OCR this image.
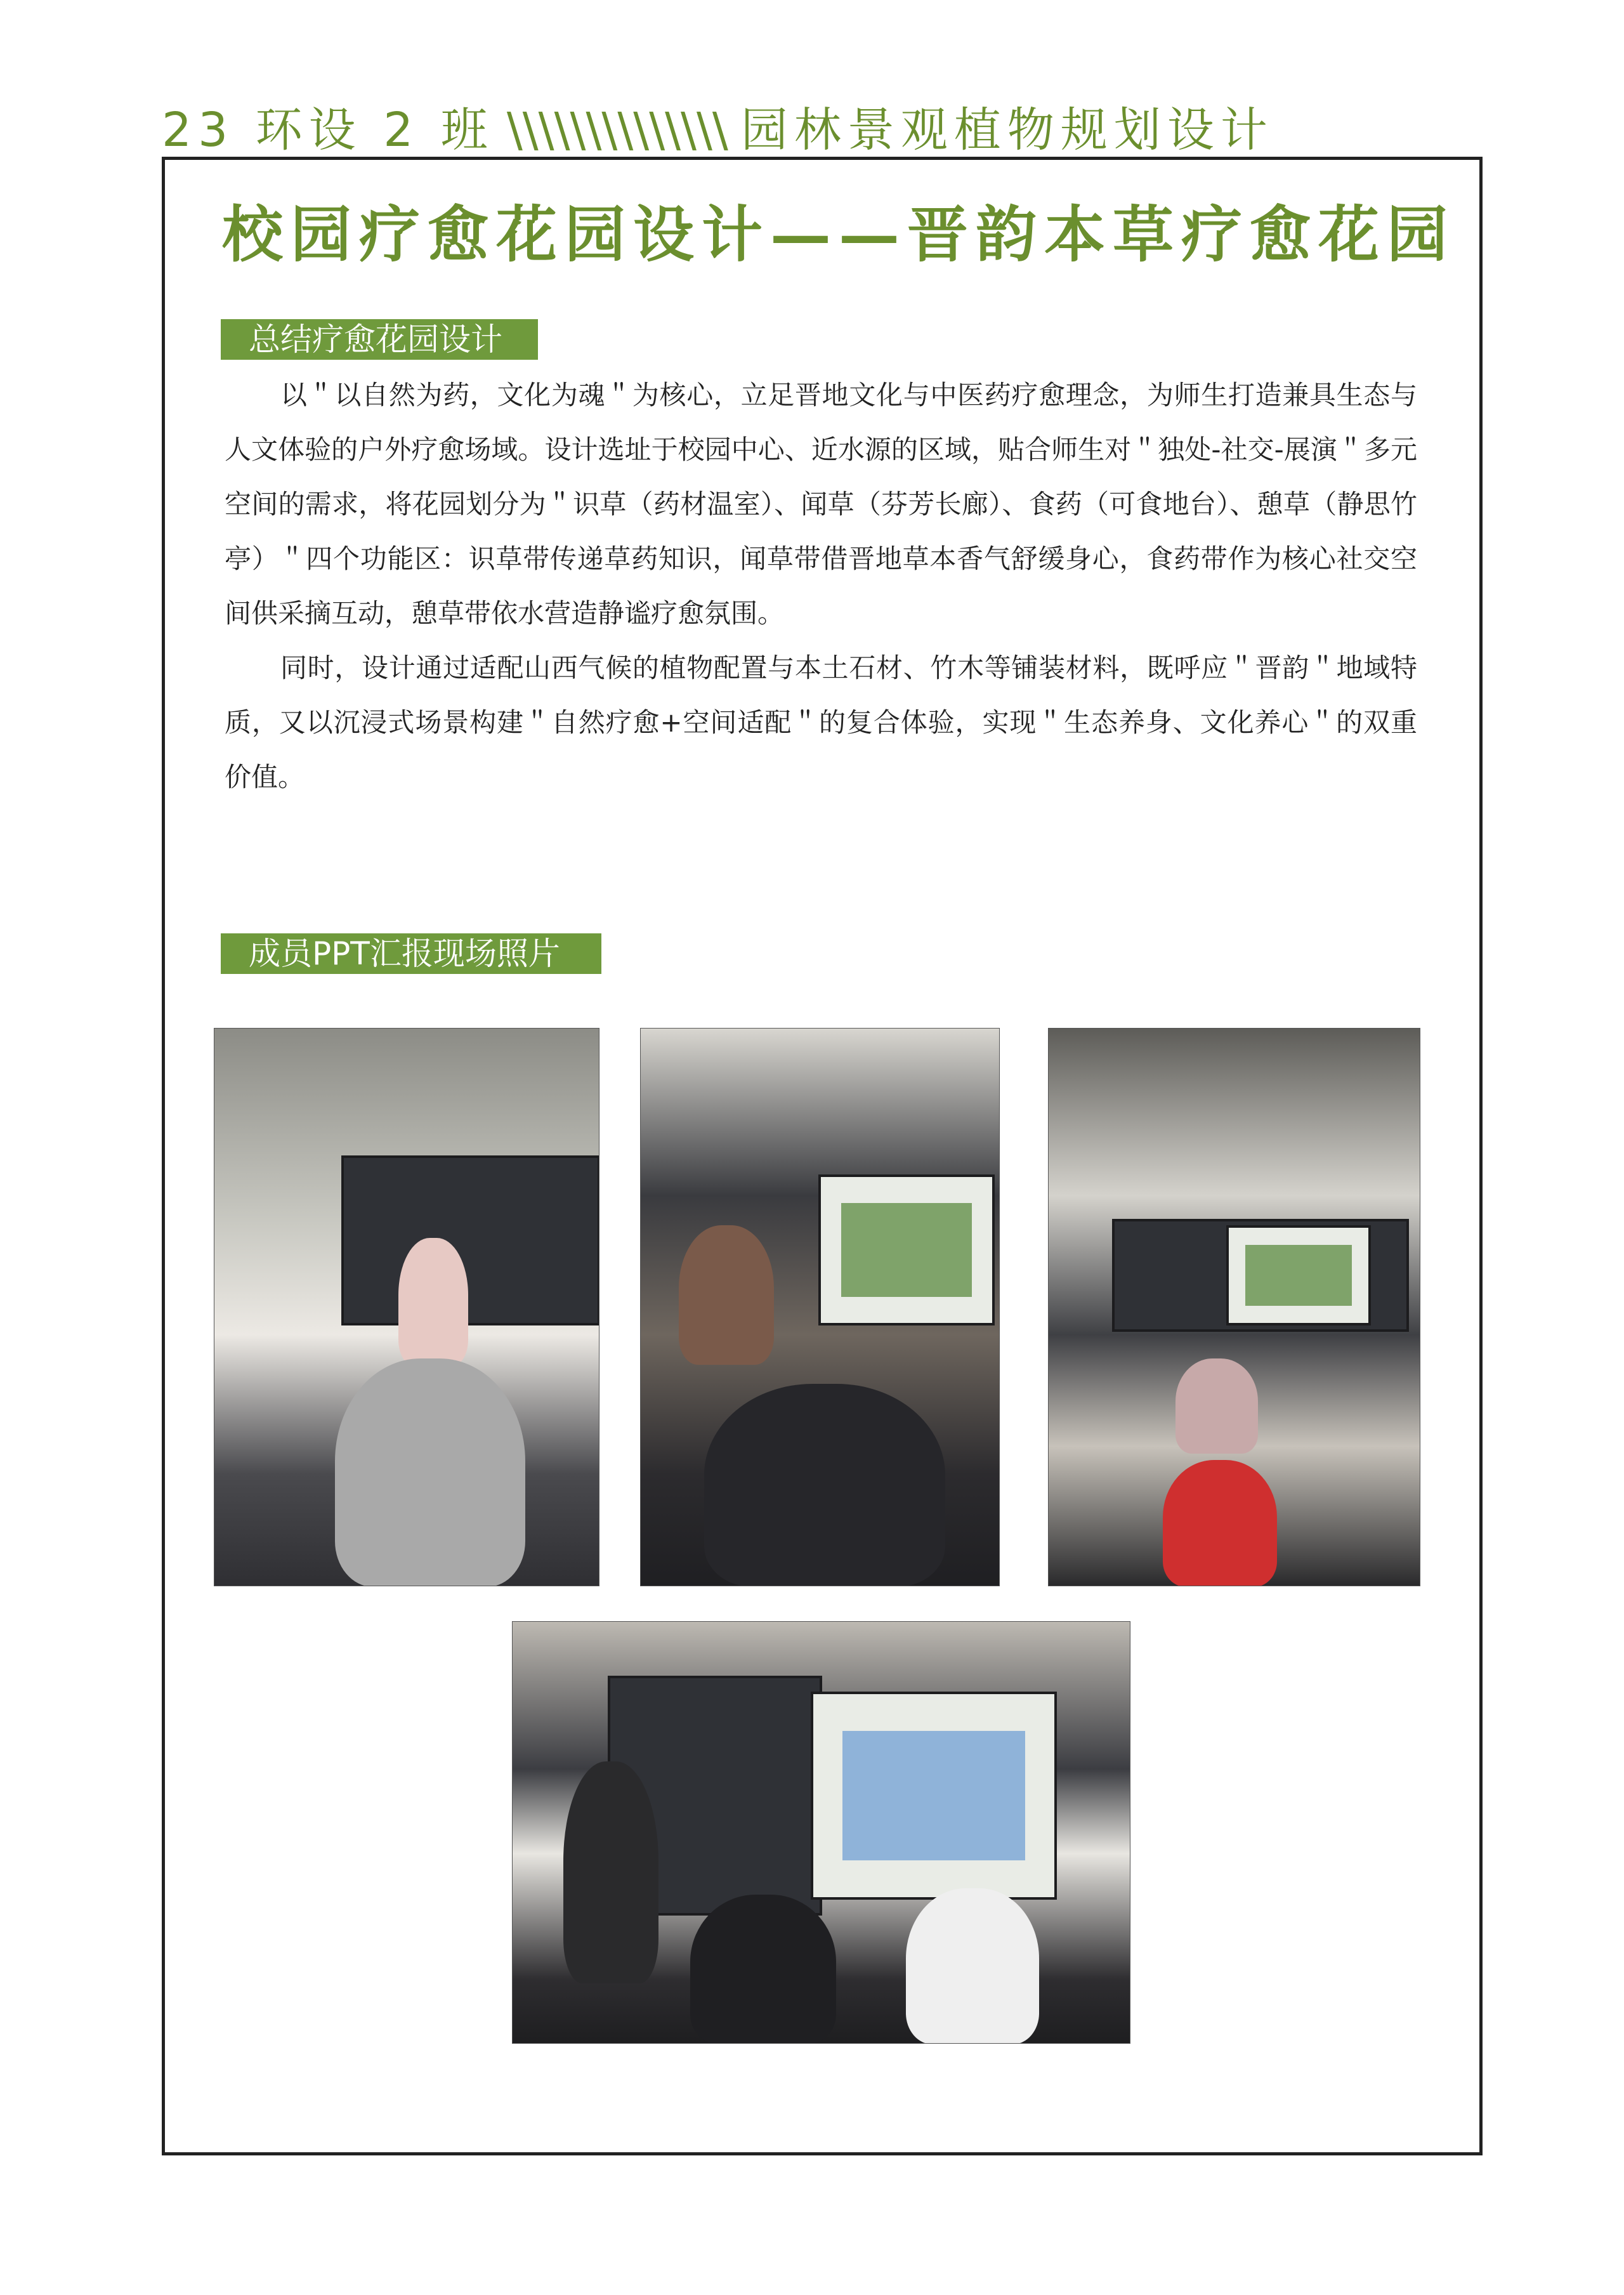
23 环设 2 班 \\\\\\\\\\\\\\ 园林景观植物规划设计
校园疗愈花园设计——晋韵本草疗愈花园
总结疗愈花园设计

以＂以自然为药，文化为魂＂为核心，立足晋地文化与中医药疗愈理念，为师生打造兼具生态与人文体验的户外疗愈场域。设计选址于校园中心、近水源的区域，贴合师生对＂独处-社交-展演＂多元空间的需求，将花园划分为＂识草（药材温室）、闻草（芬芳长廊）、食药（可食地台）、憩草（静思竹亭）＂四个功能区：识草带传递草药知识，闻草带借晋地草本香气舒缓身心，食药带作为核心社交空间供采摘互动，憩草带依水营造静谧疗愈氛围。

同时，设计通过适配山西气候的植物配置与本土石材、竹木等铺装材料，既呼应＂晋韵＂地域特质，又以沉浸式场景构建＂自然疗愈+空间适配＂的复合体验，实现＂生态养身、文化养心＂的双重价值。

成员PPT汇报现场照片
